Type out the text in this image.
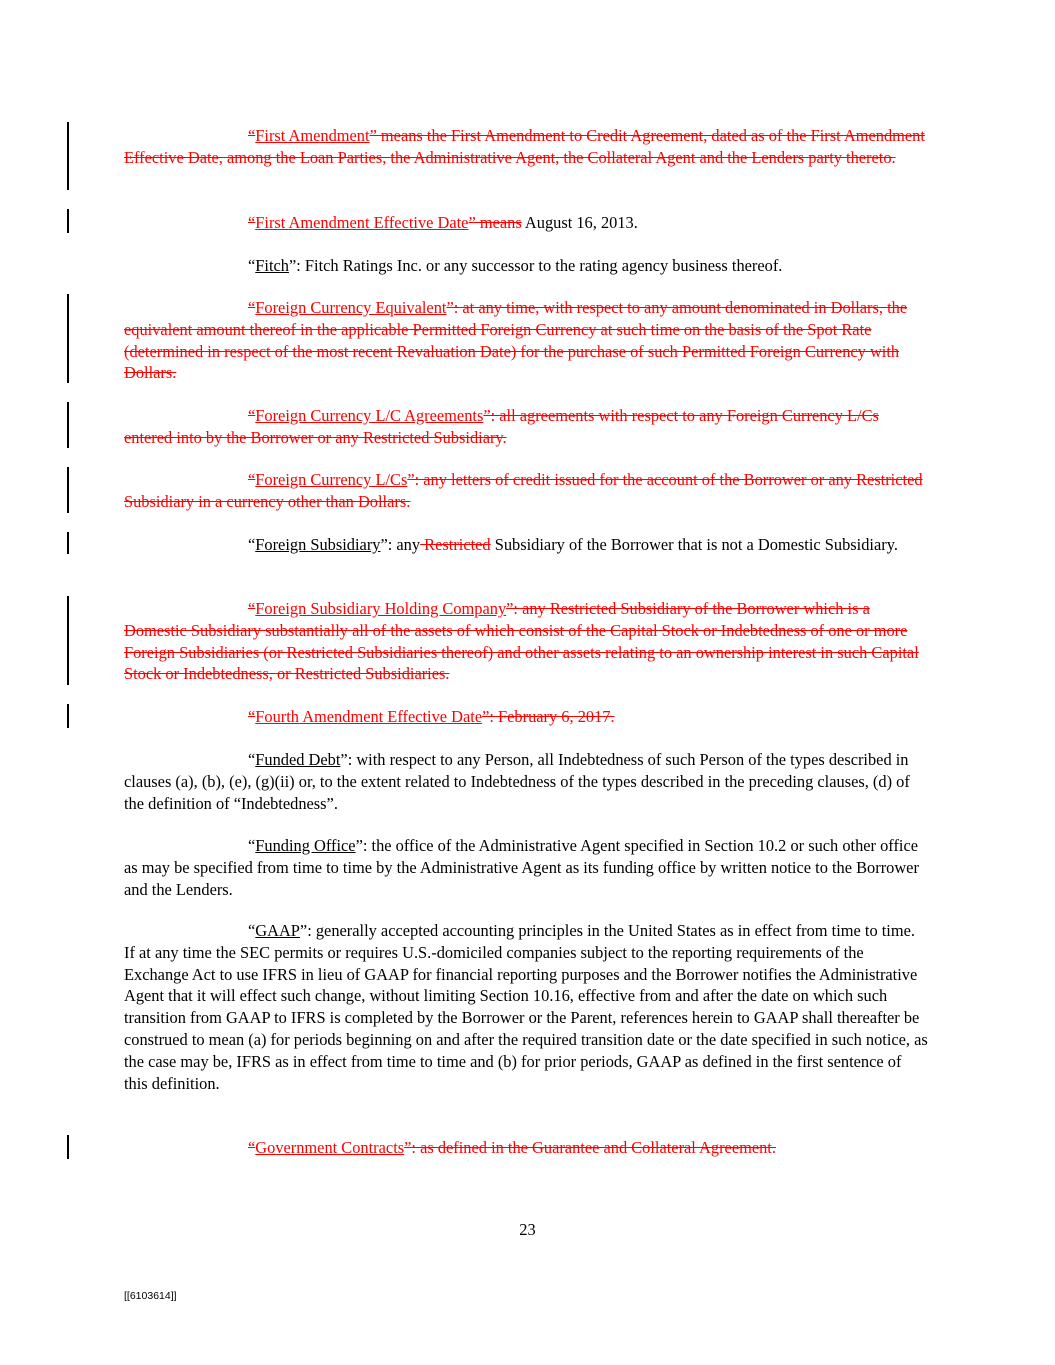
“First Amendment” means the First Amendment to Credit Agreement, dated as of the First Amendment Effective Date, among the Loan Parties, the Administrative Agent, the Collateral Agent and the Lenders party thereto.

“First Amendment Effective Date” means August 16, 2013.

“Fitch”: Fitch Ratings Inc. or any successor to the rating agency business thereof.

“Foreign Currency Equivalent”: at any time, with respect to any amount denominated in Dollars, the equivalent amount thereof in the applicable Permitted Foreign Currency at such time on the basis of the Spot Rate (determined in respect of the most recent Revaluation Date) for the purchase of such Permitted Foreign Currency with Dollars.

“Foreign Currency L/C Agreements”: all agreements with respect to any Foreign Currency L/Cs entered into by the Borrower or any Restricted Subsidiary.

“Foreign Currency L/Cs”: any letters of credit issued for the account of the Borrower or any Restricted Subsidiary in a currency other than Dollars.

“Foreign Subsidiary”: any Restricted Subsidiary of the Borrower that is not a Domestic Subsidiary.

“Foreign Subsidiary Holding Company”: any Restricted Subsidiary of the Borrower which is a Domestic Subsidiary substantially all of the assets of which consist of the Capital Stock or Indebtedness of one or more Foreign Subsidiaries (or Restricted Subsidiaries thereof) and other assets relating to an ownership interest in such Capital Stock or Indebtedness, or Restricted Subsidiaries.

“Fourth Amendment Effective Date”: February 6, 2017.

“Funded Debt”: with respect to any Person, all Indebtedness of such Person of the types described in clauses (a), (b), (e), (g)(ii) or, to the extent related to Indebtedness of the types described in the preceding clauses, (d) of the definition of “Indebtedness”.

“Funding Office”: the office of the Administrative Agent specified in Section 10.2 or such other office as may be specified from time to time by the Administrative Agent as its funding office by written notice to the Borrower and the Lenders.

“GAAP”: generally accepted accounting principles in the United States as in effect from time to time. If at any time the SEC permits or requires U.S.-domiciled companies subject to the reporting requirements of the Exchange Act to use IFRS in lieu of GAAP for financial reporting purposes and the Borrower notifies the Administrative Agent that it will effect such change, without limiting Section 10.16, effective from and after the date on which such transition from GAAP to IFRS is completed by the Borrower or the Parent, references herein to GAAP shall thereafter be construed to mean (a) for periods beginning on and after the required transition date or the date specified in such notice, as the case may be, IFRS as in effect from time to time and (b) for prior periods, GAAP as defined in the first sentence of this definition.

“Government Contracts”: as defined in the Guarantee and Collateral Agreement.

23
[[6103614]]
